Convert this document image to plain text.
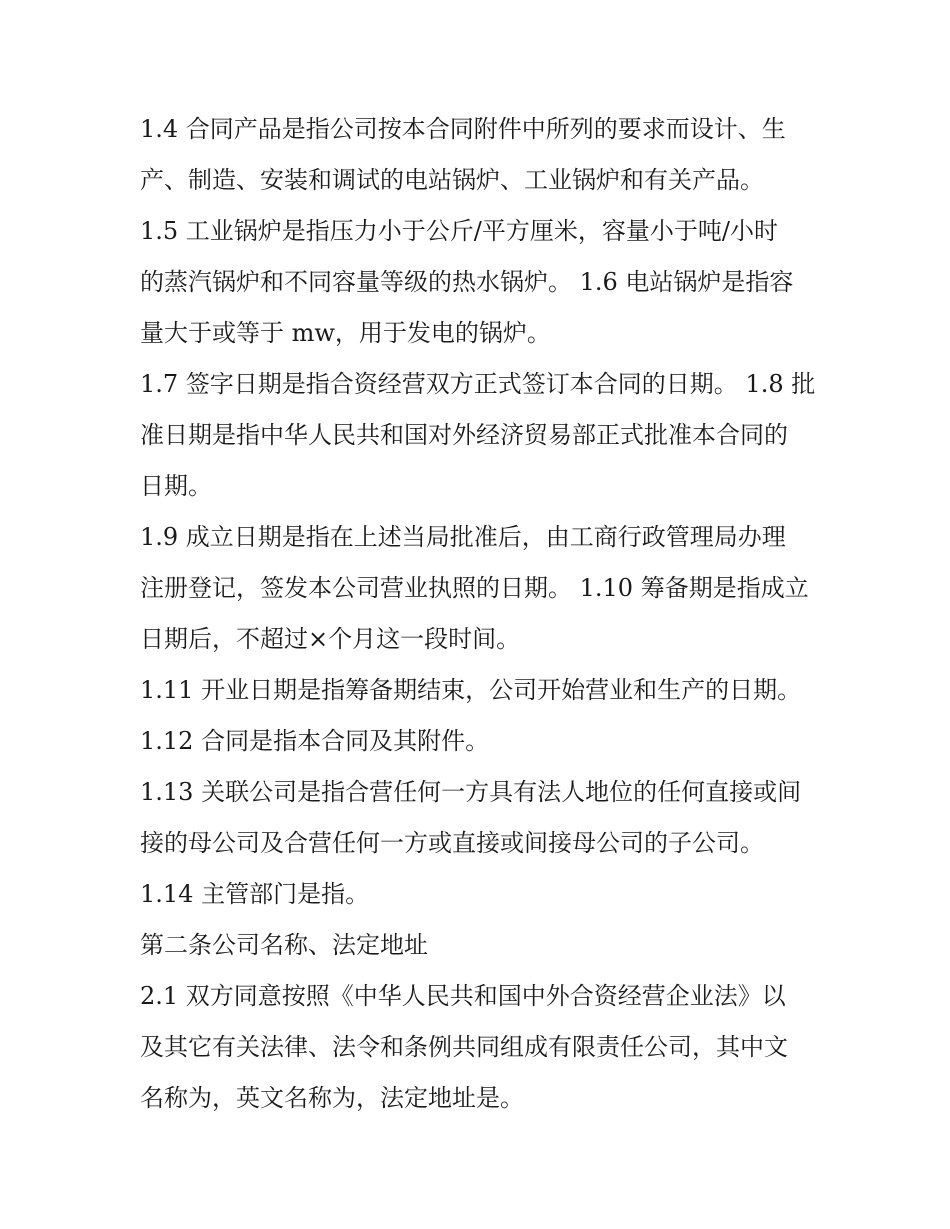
1.4 合同产品是指公司按本合同附件中所列的要求而设计、生
产、制造、安装和调试的电站锅炉、工业锅炉和有关产品。
1.5 工业锅炉是指压力小于公斤/平方厘米，容量小于吨/小时
的蒸汽锅炉和不同容量等级的热水锅炉。 1.6 电站锅炉是指容
量大于或等于 mw，用于发电的锅炉。
1.7 签字日期是指合资经营双方正式签订本合同的日期。 1.8 批
准日期是指中华人民共和国对外经济贸易部正式批准本合同的
日期。
1.9 成立日期是指在上述当局批准后，由工商行政管理局办理
注册登记，签发本公司营业执照的日期。 1.10 筹备期是指成立
日期后，不超过×个月这一段时间。
1.11 开业日期是指筹备期结束，公司开始营业和生产的日期。
1.12 合同是指本合同及其附件。
1.13 关联公司是指合营任何一方具有法人地位的任何直接或间
接的母公司及合营任何一方或直接或间接母公司的子公司。
1.14 主管部门是指。
第二条公司名称、法定地址
2.1 双方同意按照《中华人民共和国中外合资经营企业法》以
及其它有关法律、法令和条例共同组成有限责任公司，其中文
名称为，英文名称为，法定地址是。
